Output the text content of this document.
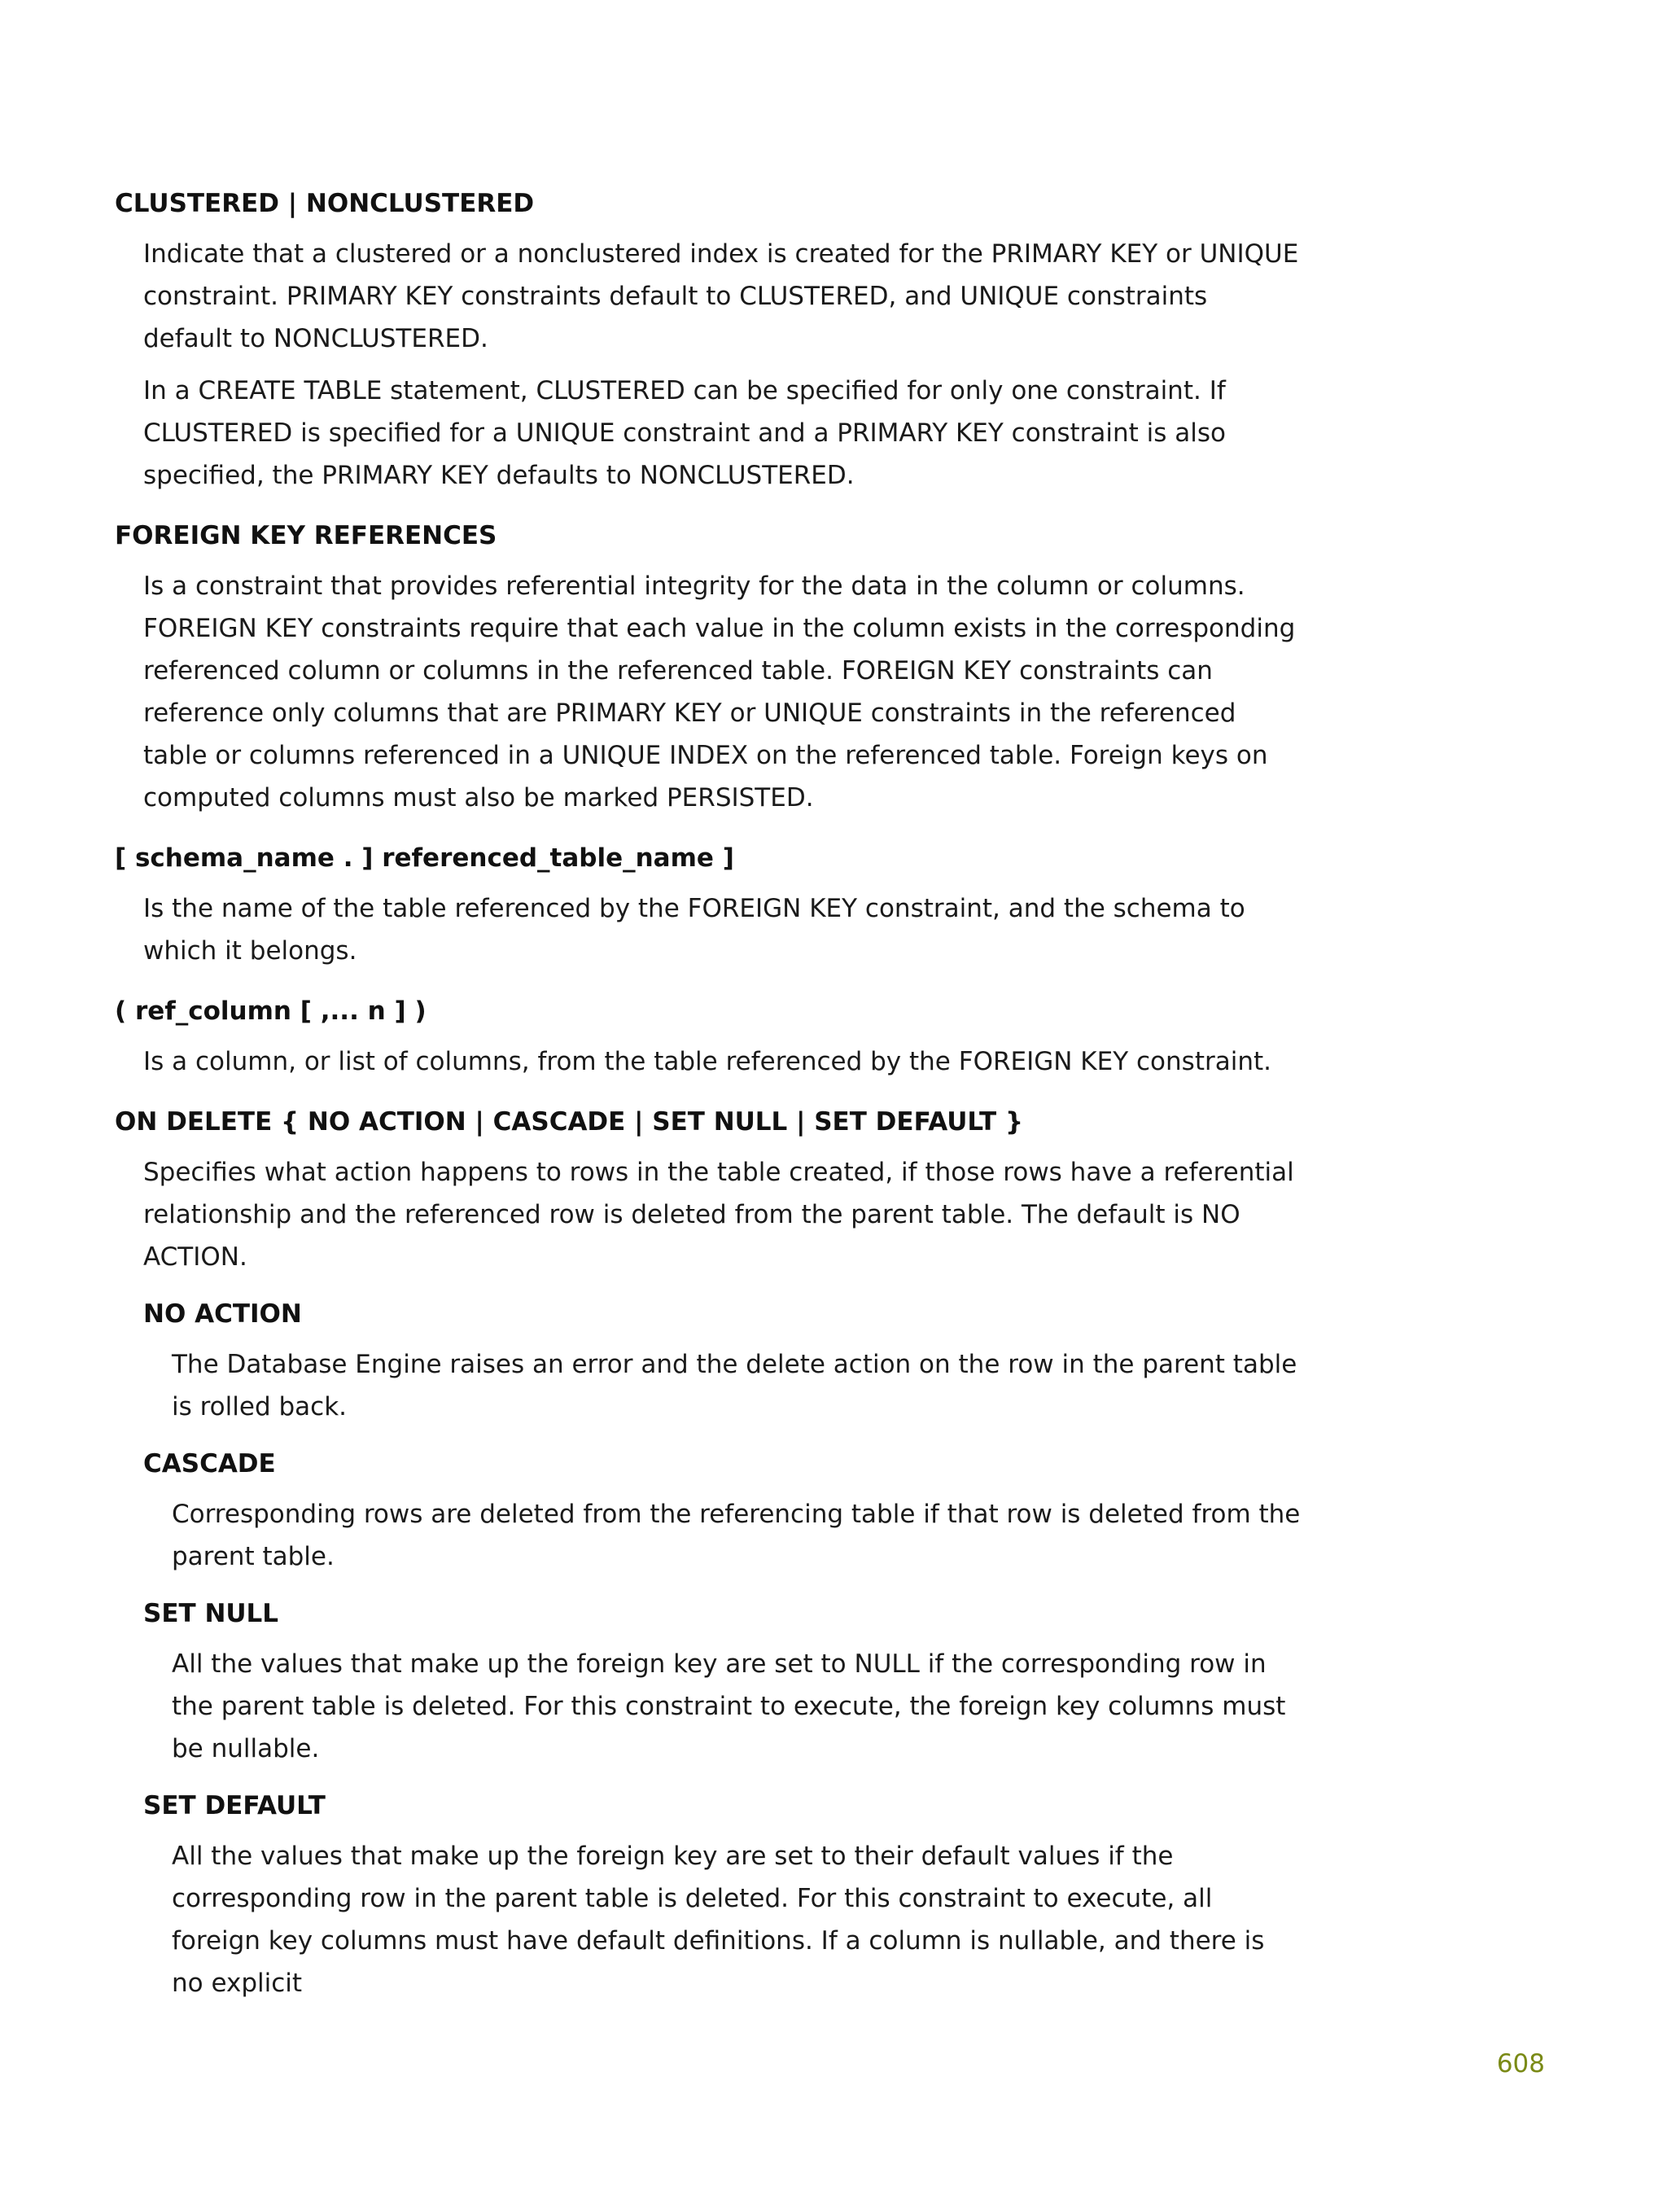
CLUSTERED | NONCLUSTERED

Indicate that a clustered or a nonclustered index is created for the PRIMARY KEY or UNIQUE constraint. PRIMARY KEY constraints default to CLUSTERED, and UNIQUE constraints default to NONCLUSTERED.

In a CREATE TABLE statement, CLUSTERED can be specified for only one constraint. If CLUSTERED is specified for a UNIQUE constraint and a PRIMARY KEY constraint is also specified, the PRIMARY KEY defaults to NONCLUSTERED.

FOREIGN KEY REFERENCES

Is a constraint that provides referential integrity for the data in the column or columns. FOREIGN KEY constraints require that each value in the column exists in the corresponding referenced column or columns in the referenced table. FOREIGN KEY constraints can reference only columns that are PRIMARY KEY or UNIQUE constraints in the referenced table or columns referenced in a UNIQUE INDEX on the referenced table. Foreign keys on computed columns must also be marked PERSISTED.

[ schema_name . ] referenced_table_name ]

Is the name of the table referenced by the FOREIGN KEY constraint, and the schema to which it belongs.

( ref_column [ ,... n ] )

Is a column, or list of columns, from the table referenced by the FOREIGN KEY constraint.

ON DELETE { NO ACTION | CASCADE | SET NULL | SET DEFAULT }

Specifies what action happens to rows in the table created, if those rows have a referential relationship and the referenced row is deleted from the parent table. The default is NO ACTION.

NO ACTION

The Database Engine raises an error and the delete action on the row in the parent table is rolled back.

CASCADE

Corresponding rows are deleted from the referencing table if that row is deleted from the parent table.

SET NULL

All the values that make up the foreign key are set to NULL if the corresponding row in the parent table is deleted. For this constraint to execute, the foreign key columns must be nullable.

SET DEFAULT

All the values that make up the foreign key are set to their default values if the corresponding row in the parent table is deleted. For this constraint to execute, all foreign key columns must have default definitions. If a column is nullable, and there is no explicit

608
